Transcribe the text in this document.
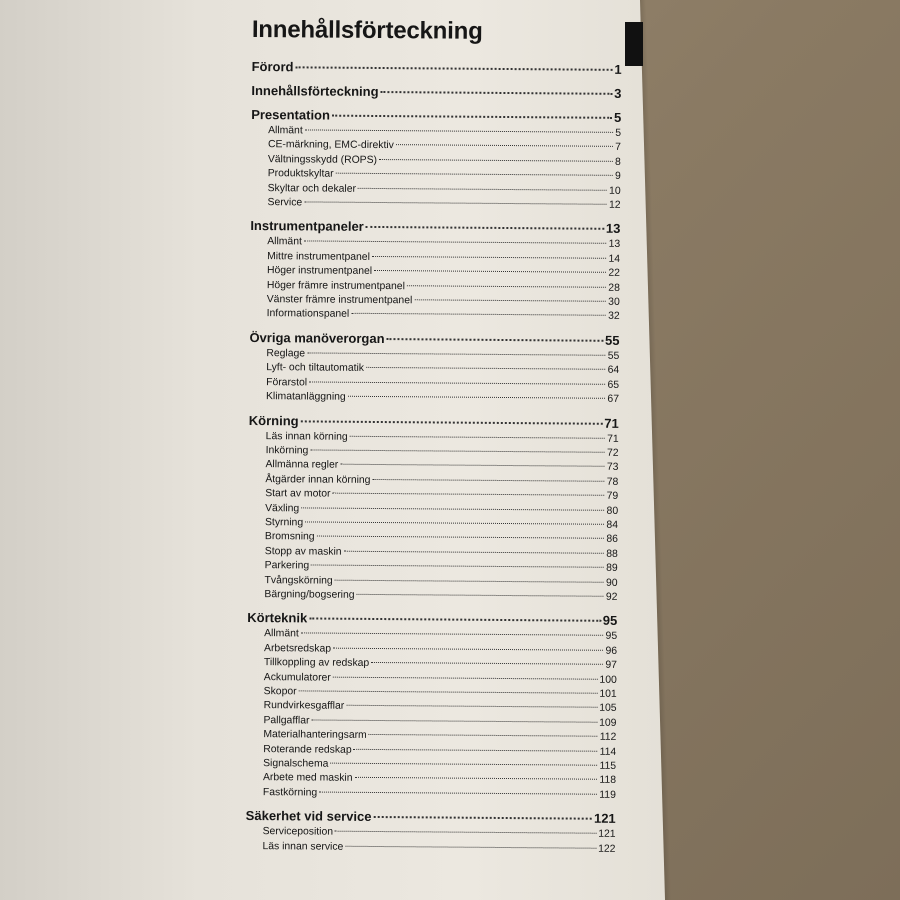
Innehållsförteckning
Förord	1
Innehållsförteckning	3
Presentation	5
Allmänt	5
CE-märkning, EMC-direktiv	7
Vältningsskydd (ROPS)	8
Produktskyltar	9
Skyltar och dekaler	10
Service	12
Instrumentpaneler	13
Allmänt	13
Mittre instrumentpanel	14
Höger instrumentpanel	22
Höger främre instrumentpanel	28
Vänster främre instrumentpanel	30
Informationspanel	32
Övriga manöverorgan	55
Reglage	55
Lyft- och tiltautomatik	64
Förarstol	65
Klimatanläggning	67
Körning	71
Läs innan körning	71
Inkörning	72
Allmänna regler	73
Åtgärder innan körning	78
Start av motor	79
Växling	80
Styrning	84
Bromsning	86
Stopp av maskin	88
Parkering	89
Tvångskörning	90
Bärgning/bogsering	92
Körteknik	95
Allmänt	95
Arbetsredskap	96
Tillkoppling av redskap	97
Ackumulatorer	100
Skopor	101
Rundvirkesgafflar	105
Pallgafflar	109
Materialhanteringsarm	112
Roterande redskap	114
Signalschema	115
Arbete med maskin	118
Fastkörning	119
Säkerhet vid service	121
Serviceposition	121
Läs innan service	122
